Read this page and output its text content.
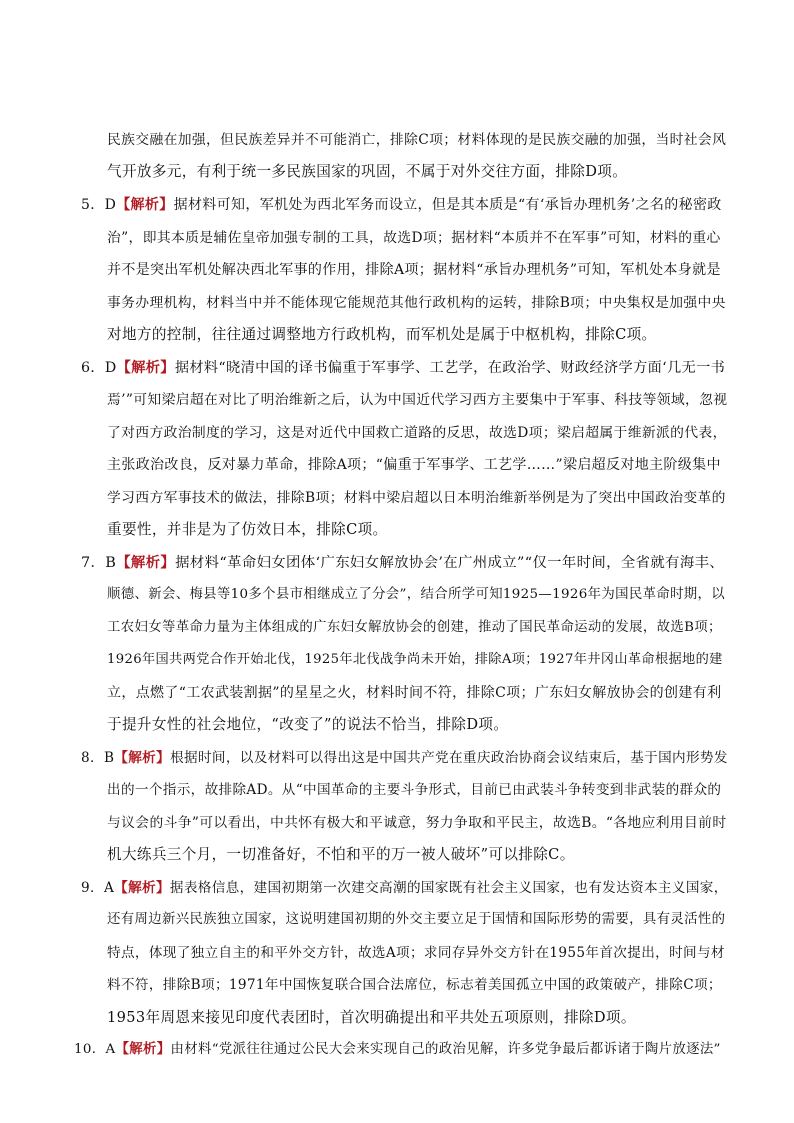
民族交融在加强，但民族差异并不可能消亡，排除C项；材料体现的是民族交融的加强，当时社会风
气开放多元，有利于统一多民族国家的巩固，不属于对外交往方面，排除D项。
5．D【解析】据材料可知，军机处为西北军务而设立，但是其本质是“有‘承旨办理机务’之名的秘密政
治”，即其本质是辅佐皇帝加强专制的工具，故选D项；据材料“本质并不在军事”可知，材料的重心
并不是突出军机处解决西北军事的作用，排除A项；据材料“承旨办理机务”可知，军机处本身就是
事务办理机构，材料当中并不能体现它能规范其他行政机构的运转，排除B项；中央集权是加强中央
对地方的控制，往往通过调整地方行政机构，而军机处是属于中枢机构，排除C项。
6．D【解析】据材料“晓清中国的译书偏重于军事学、工艺学，在政治学、财政经济学方面‘几无一书
焉’”可知梁启超在对比了明治维新之后，认为中国近代学习西方主要集中于军事、科技等领域，忽视
了对西方政治制度的学习，这是对近代中国救亡道路的反思，故选D项；梁启超属于维新派的代表，
主张政治改良，反对暴力革命，排除A项；“偏重于军事学、工艺学……”梁启超反对地主阶级集中
学习西方军事技术的做法，排除B项；材料中梁启超以日本明治维新举例是为了突出中国政治变革的
重要性，并非是为了仿效日本，排除C项。
7．B【解析】据材料“革命妇女团体‘广东妇女解放协会’在广州成立”“仅一年时间，全省就有海丰、
顺德、新会、梅县等10多个县市相继成立了分会”，结合所学可知1925—1926年为国民革命时期，以
工农妇女等革命力量为主体组成的广东妇女解放协会的创建，推动了国民革命运动的发展，故选B项；
1926年国共两党合作开始北伐，1925年北伐战争尚未开始，排除A项；1927年井冈山革命根据地的建
立，点燃了“工农武装割据”的星星之火，材料时间不符，排除C项；广东妇女解放协会的创建有利
于提升女性的社会地位，“改变了”的说法不恰当，排除D项。
8．B【解析】根据时间，以及材料可以得出这是中国共产党在重庆政治协商会议结束后，基于国内形势发
出的一个指示，故排除AD。从“中国革命的主要斗争形式，目前已由武装斗争转变到非武装的群众的
与议会的斗争”可以看出，中共怀有极大和平诚意，努力争取和平民主，故选B。“各地应利用目前时
机大练兵三个月，一切准备好，不怕和平的万一被人破坏”可以排除C。
9．A【解析】据表格信息，建国初期第一次建交高潮的国家既有社会主义国家，也有发达资本主义国家，
还有周边新兴民族独立国家，这说明建国初期的外交主要立足于国情和国际形势的需要，具有灵活性的
特点，体现了独立自主的和平外交方针，故选A项；求同存异外交方针在1955年首次提出，时间与材
料不符，排除B项；1971年中国恢复联合国合法席位，标志着美国孤立中国的政策破产，排除C项；
1953年周恩来接见印度代表团时，首次明确提出和平共处五项原则，排除D项。
10．A【解析】由材料“党派往往通过公民大会来实现自己的政治见解，许多党争最后都诉诸于陶片放逐法”
